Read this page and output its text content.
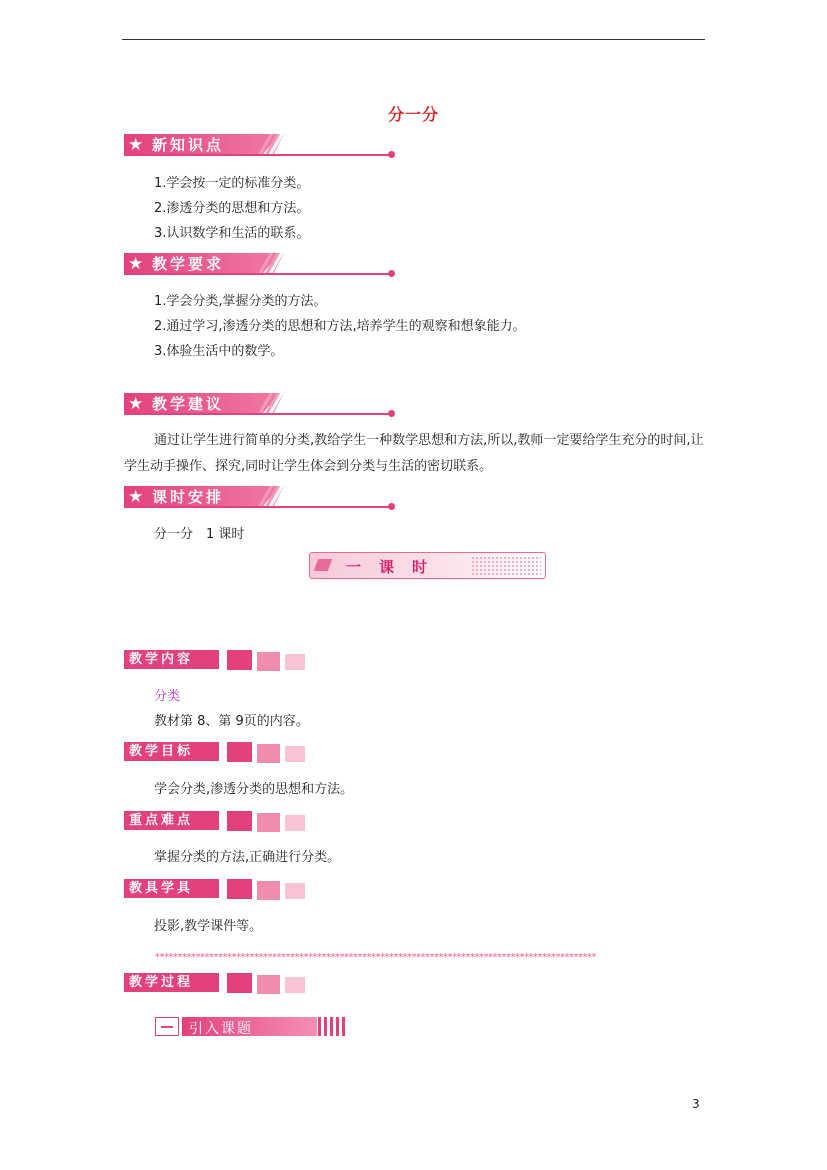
分一分
★ 新知识点
1.学会按一定的标准分类。
2.渗透分类的思想和方法。
3.认识数学和生活的联系。
★ 教学要求
1.学会分类,掌握分类的方法。
2.通过学习,渗透分类的思想和方法,培养学生的观察和想象能力。
3.体验生活中的数学。
★ 教学建议
通过让学生进行简单的分类,教给学生一种数学思想和方法,所以,教师一定要给学生充分的时间,让学生动手操作、探究,同时让学生体会到分类与生活的密切联系。
★ 课时安排
分一分　1 课时
一课时
教学内容
分类
教材第 8、第 9页的内容。
教学目标
学会分类,渗透分类的思想和方法。
重点难点
掌握分类的方法,正确进行分类。
教具学具
投影,教学课件等。
**************************************************************************************************
教学过程
引入课题
3
